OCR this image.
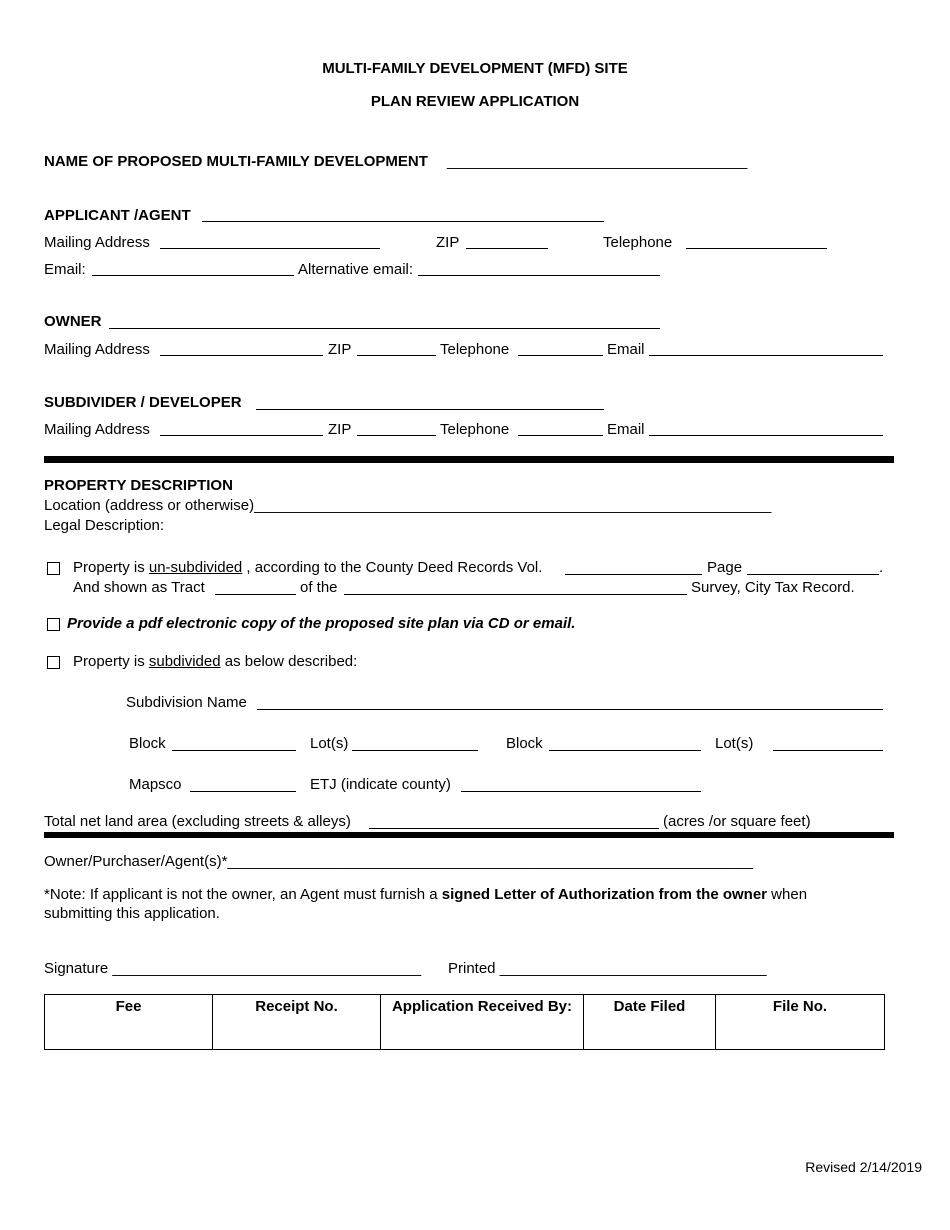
MULTI-FAMILY DEVELOPMENT (MFD) SITE
PLAN REVIEW APPLICATION
NAME OF PROPOSED MULTI-FAMILY DEVELOPMENT ____________________________________
APPLICANT /AGENT
Mailing Address	ZIP	Telephone
Email:	Alternative email:
OWNER
Mailing Address	ZIP	Telephone	Email
SUBDIVIDER / DEVELOPER
Mailing Address	ZIP	Telephone	Email
PROPERTY DESCRIPTION
Location (address or otherwise)______________________________________________________________
Legal Description:
Property is un-subdivided , according to the County Deed Records Vol.	Page	.
And shown as Tract	of the	Survey, City Tax Record.
Provide a pdf electronic copy of the proposed site plan via CD or email.
Property is subdivided as below described:
Subdivision Name
Block	Lot(s)	Block	Lot(s)
Mapsco	ETJ (indicate county)
Total net land area (excluding streets & alleys)	(acres /or square feet)
Owner/Purchaser/Agent(s)*_______________________________________________________________
*Note: If applicant is not the owner, an Agent must furnish a signed Letter of Authorization from the owner when
submitting this application.
Signature _____________________________________ Printed ________________________________
Fee	Receipt No.	Application Received By:	Date Filed	File No.
Revised 2/14/2019
